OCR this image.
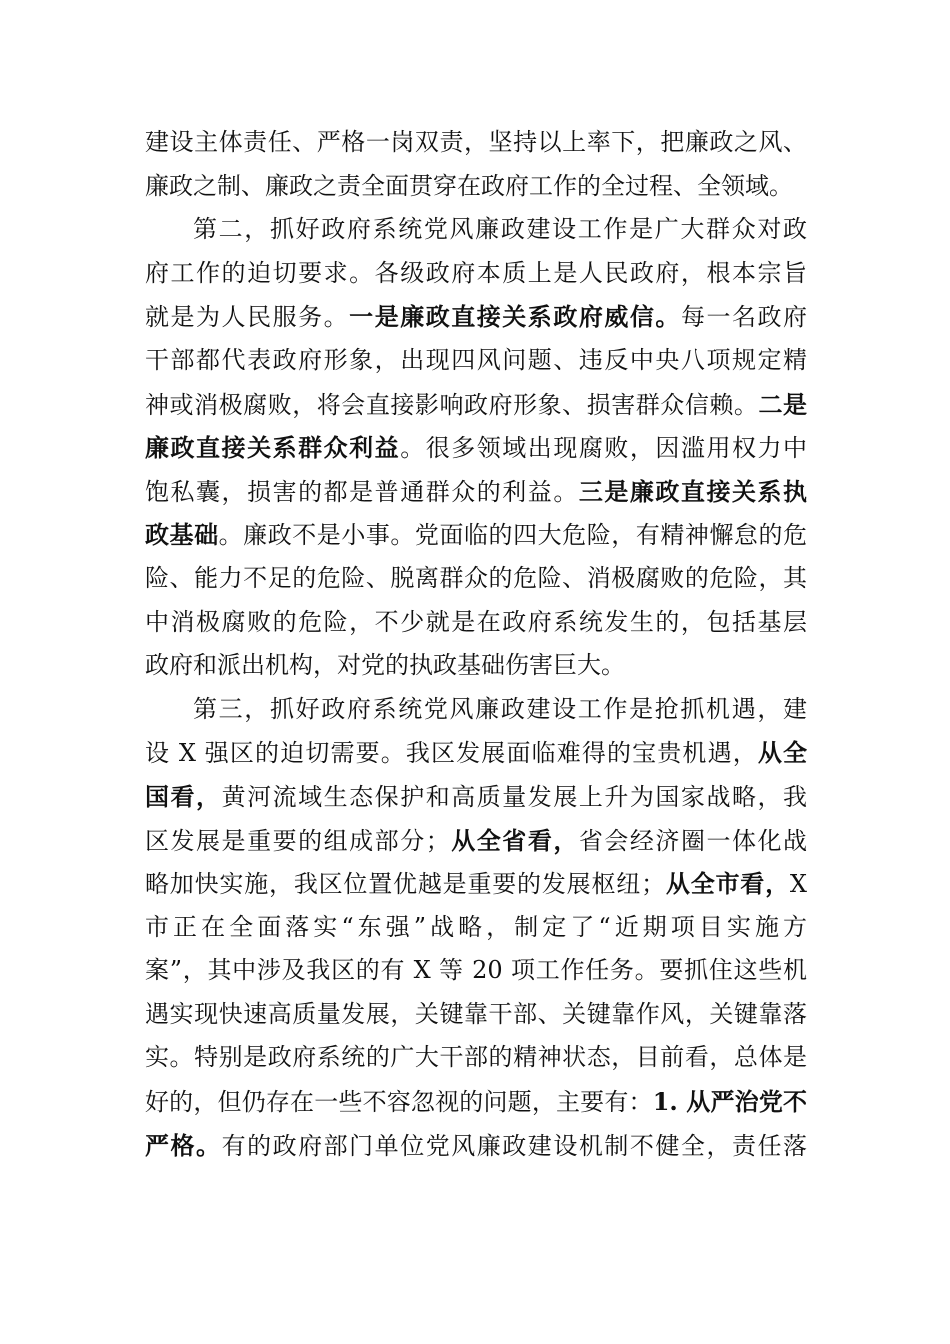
建设主体责任、严格一岗双责，坚持以上率下，把廉政之风、
廉政之制、廉政之责全面贯穿在政府工作的全过程、全领域。
第二，抓好政府系统党风廉政建设工作是广大群众对政
府工作的迫切要求。各级政府本质上是人民政府，根本宗旨
就是为人民服务。一是廉政直接关系政府威信。每一名政府
干部都代表政府形象，出现四风问题、违反中央八项规定精
神或消极腐败，将会直接影响政府形象、损害群众信赖。二是
廉政直接关系群众利益。很多领域出现腐败，因滥用权力中
饱私囊，损害的都是普通群众的利益。三是廉政直接关系执
政基础。廉政不是小事。党面临的四大危险，有精神懈怠的危
险、能力不足的危险、脱离群众的危险、消极腐败的危险，其
中消极腐败的危险，不少就是在政府系统发生的，包括基层
政府和派出机构，对党的执政基础伤害巨大。
第三，抓好政府系统党风廉政建设工作是抢抓机遇，建
设 X 强区的迫切需要。我区发展面临难得的宝贵机遇，从全
国看，黄河流域生态保护和高质量发展上升为国家战略，我
区发展是重要的组成部分；从全省看，省会经济圈一体化战
略加快实施，我区位置优越是重要的发展枢纽；从全市看，X
市正在全面落实“东强”战略，制定了“近期项目实施方
案”，其中涉及我区的有 X 等 20 项工作任务。要抓住这些机
遇实现快速高质量发展，关键靠干部、关键靠作风，关键靠落
实。特别是政府系统的广大干部的精神状态，目前看，总体是
好的，但仍存在一些不容忽视的问题，主要有：1. 从严治党不
严格。有的政府部门单位党风廉政建设机制不健全，责任落
